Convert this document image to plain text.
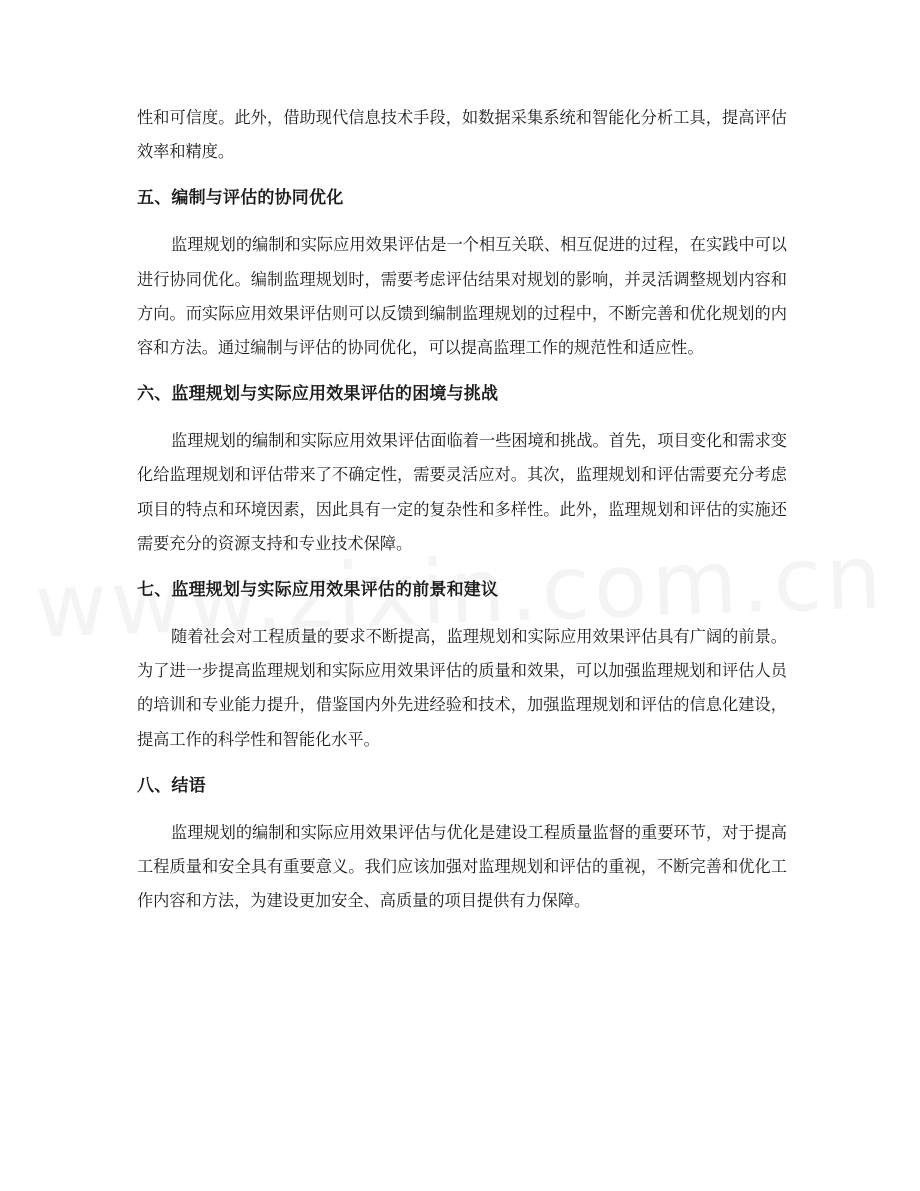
性和可信度。此外，借助现代信息技术手段，如数据采集系统和智能化分析工具，提高评估效率和精度。

五、编制与评估的协同优化

监理规划的编制和实际应用效果评估是一个相互关联、相互促进的过程，在实践中可以进行协同优化。编制监理规划时，需要考虑评估结果对规划的影响，并灵活调整规划内容和方向。而实际应用效果评估则可以反馈到编制监理规划的过程中，不断完善和优化规划的内容和方法。通过编制与评估的协同优化，可以提高监理工作的规范性和适应性。

六、监理规划与实际应用效果评估的困境与挑战

监理规划的编制和实际应用效果评估面临着一些困境和挑战。首先，项目变化和需求变化给监理规划和评估带来了不确定性，需要灵活应对。其次，监理规划和评估需要充分考虑项目的特点和环境因素，因此具有一定的复杂性和多样性。此外，监理规划和评估的实施还需要充分的资源支持和专业技术保障。

七、监理规划与实际应用效果评估的前景和建议

随着社会对工程质量的要求不断提高，监理规划和实际应用效果评估具有广阔的前景。为了进一步提高监理规划和实际应用效果评估的质量和效果，可以加强监理规划和评估人员的培训和专业能力提升，借鉴国内外先进经验和技术，加强监理规划和评估的信息化建设，提高工作的科学性和智能化水平。

八、结语

监理规划的编制和实际应用效果评估与优化是建设工程质量监督的重要环节，对于提高工程质量和安全具有重要意义。我们应该加强对监理规划和评估的重视，不断完善和优化工作内容和方法，为建设更加安全、高质量的项目提供有力保障。
